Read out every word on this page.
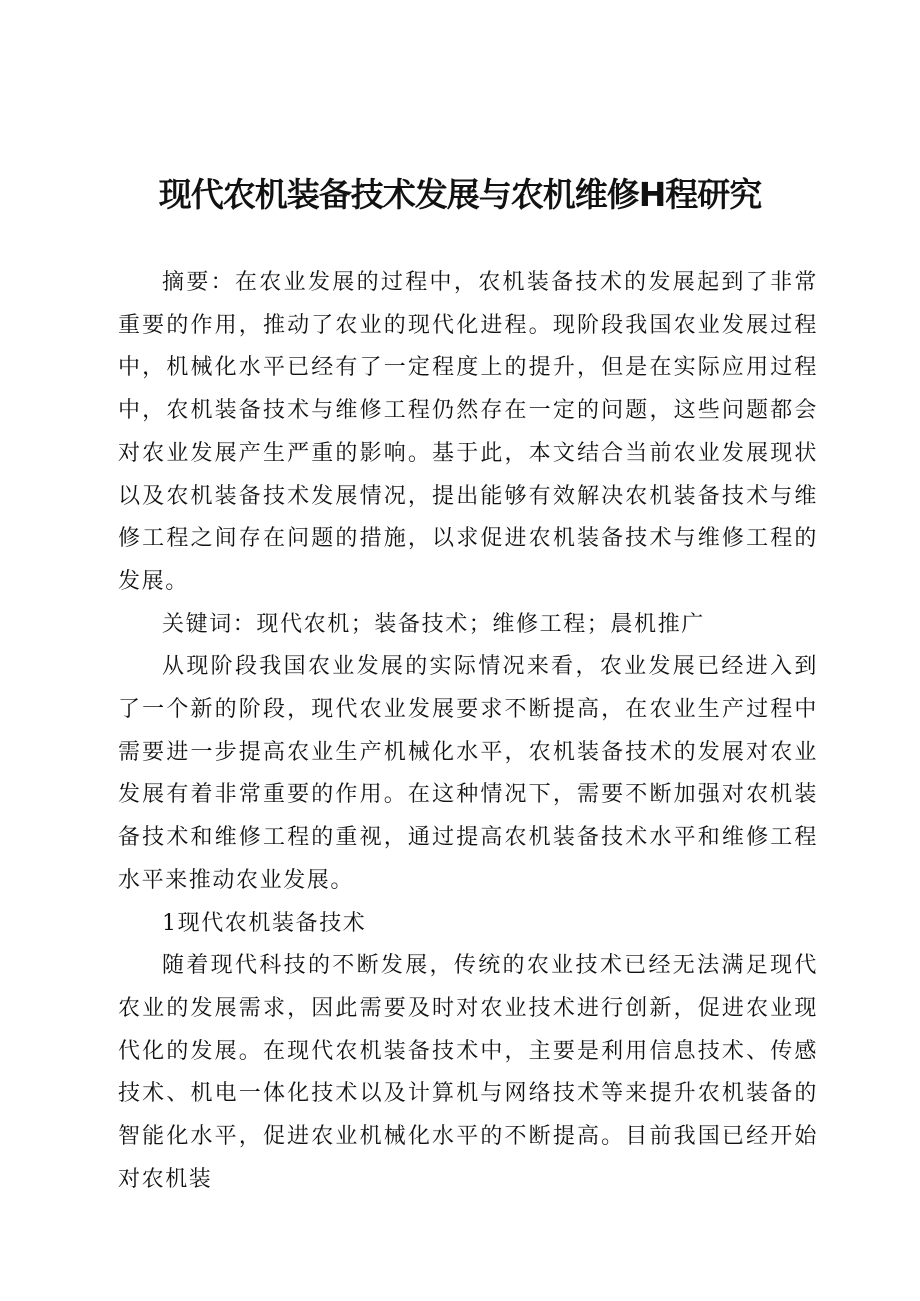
现代农机装备技术发展与农机维修H程研究

摘要：在农业发展的过程中，农机装备技术的发展起到了非常重要的作用，推动了农业的现代化进程。现阶段我国农业发展过程中，机械化水平已经有了一定程度上的提升，但是在实际应用过程中，农机装备技术与维修工程仍然存在一定的问题，这些问题都会对农业发展产生严重的影响。基于此，本文结合当前农业发展现状以及农机装备技术发展情况，提出能够有效解决农机装备技术与维修工程之间存在问题的措施，以求促进农机装备技术与维修工程的发展。

关键词：现代农机；装备技术；维修工程；晨机推广

从现阶段我国农业发展的实际情况来看，农业发展已经进入到了一个新的阶段，现代农业发展要求不断提高，在农业生产过程中需要进一步提高农业生产机械化水平，农机装备技术的发展对农业发展有着非常重要的作用。在这种情况下，需要不断加强对农机装备技术和维修工程的重视，通过提高农机装备技术水平和维修工程水平来推动农业发展。

1现代农机装备技术

随着现代科技的不断发展，传统的农业技术已经无法满足现代农业的发展需求，因此需要及时对农业技术进行创新，促进农业现代化的发展。在现代农机装备技术中，主要是利用信息技术、传感技术、机电一体化技术以及计算机与网络技术等来提升农机装备的智能化水平，促进农业机械化水平的不断提高。目前我国已经开始对农机装
